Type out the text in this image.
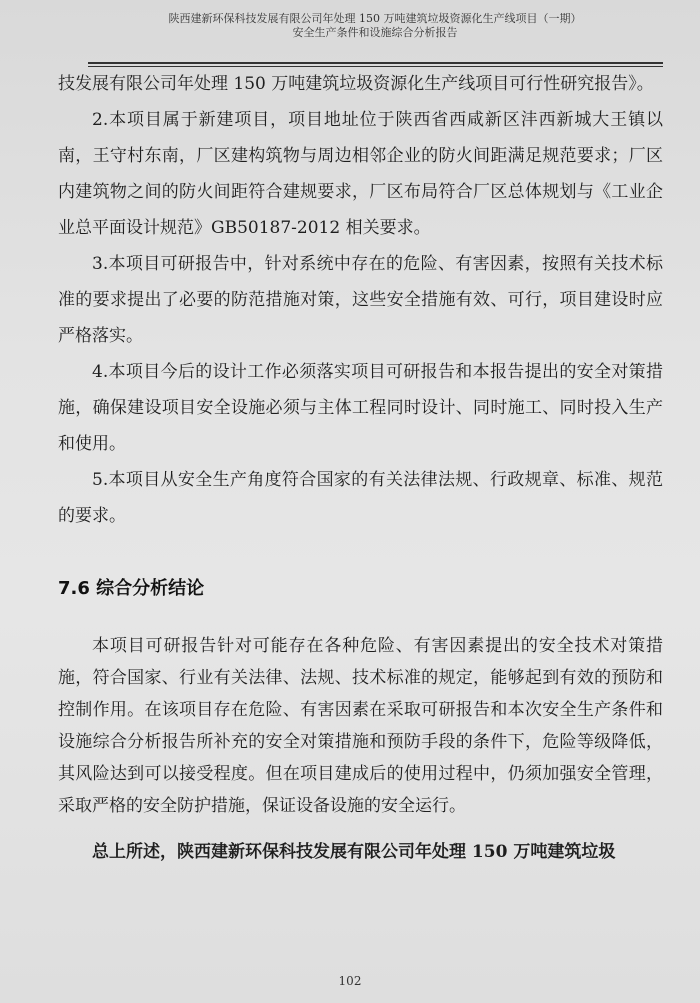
陕西建新环保科技发展有限公司年处理 150 万吨建筑垃圾资源化生产线项目（一期）
安全生产条件和设施综合分析报告

技发展有限公司年处理 150 万吨建筑垃圾资源化生产线项目可行性研究报告》。

2.本项目属于新建项目，项目地址位于陕西省西咸新区沣西新城大王镇以南，王守村东南，厂区建构筑物与周边相邻企业的防火间距满足规范要求；厂区内建筑物之间的防火间距符合建规要求，厂区布局符合厂区总体规划与《工业企业总平面设计规范》GB50187-2012 相关要求。

3.本项目可研报告中，针对系统中存在的危险、有害因素，按照有关技术标准的要求提出了必要的防范措施对策，这些安全措施有效、可行，项目建设时应严格落实。

4.本项目今后的设计工作必须落实项目可研报告和本报告提出的安全对策措施，确保建设项目安全设施必须与主体工程同时设计、同时施工、同时投入生产和使用。

5.本项目从安全生产角度符合国家的有关法律法规、行政规章、标准、规范的要求。

7.6 综合分析结论

本项目可研报告针对可能存在各种危险、有害因素提出的安全技术对策措施，符合国家、行业有关法律、法规、技术标准的规定，能够起到有效的预防和控制作用。在该项目存在危险、有害因素在采取可研报告和本次安全生产条件和设施综合分析报告所补充的安全对策措施和预防手段的条件下，危险等级降低，其风险达到可以接受程度。但在项目建成后的使用过程中，仍须加强安全管理，采取严格的安全防护措施，保证设备设施的安全运行。

总上所述，陕西建新环保科技发展有限公司年处理 150 万吨建筑垃圾

102
